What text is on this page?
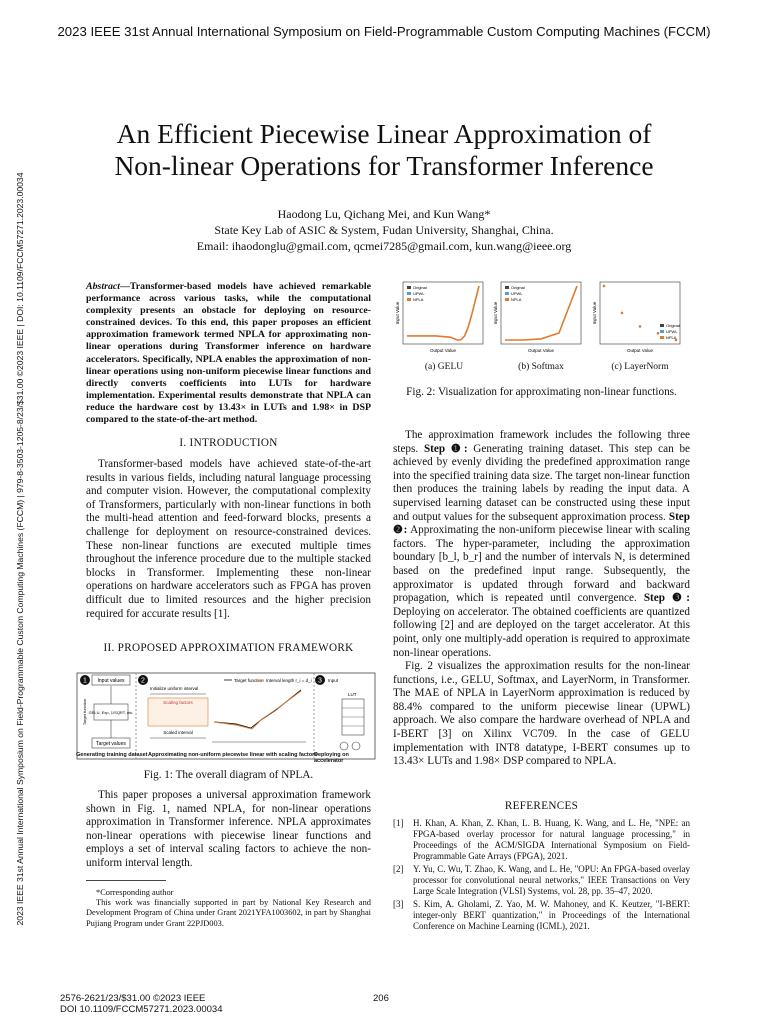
2023 IEEE 31st Annual International Symposium on Field-Programmable Custom Computing Machines (FCCM)
2023 IEEE 31st Annual International Symposium on Field-Programmable Custom Computing Machines (FCCM) | 979-8-3503-1205-8/23/$31.00 ©2023 IEEE | DOI: 10.1109/FCCM57271.2023.00034
An Efficient Piecewise Linear Approximation of
Non-linear Operations for Transformer Inference
Haodong Lu, Qichang Mei, and Kun Wang*
State Key Lab of ASIC & System, Fudan University, Shanghai, China.
Email: ihaodonglu@gmail.com, qcmei7285@gmail.com, kun.wang@ieee.org
Abstract—Transformer-based models have achieved remarkable performance across various tasks, while the computational complexity presents an obstacle for deploying on resource-constrained devices. To this end, this paper proposes an efficient approximation framework termed NPLA for approximating non-linear operations during Transformer inference on hardware accelerators. Specifically, NPLA enables the approximation of non-linear operations using non-uniform piecewise linear functions and directly converts coefficients into LUTs for hardware implementation. Experimental results demonstrate that NPLA can reduce the hardware cost by 13.43× in LUTs and 1.98× in DSP compared to the state-of-the-art method.
I. INTRODUCTION

Transformer-based models have achieved state-of-the-art results in various fields, including natural language processing and computer vision. However, the computational complexity of Transformers, particularly with non-linear functions in both the multi-head attention and feed-forward blocks, presents a challenge for deployment on resource-constrained devices. These non-linear functions are executed multiple times throughout the inference procedure due to the multiple stacked blocks in Transformer. Implementing these non-linear operations on hardware accelerators such as FPGA has proven difficult due to limited resources and the higher precision required for accurate results [1].

II. PROPOSED APPROXIMATION FRAMEWORK
1 Input values
GELU, Exp, 1/SQRT, etc.
Target function
Target values
2	Target function Interval length r_i = d_i
Initialize uniform interval
Scaling factors
Scaled interval
3 Input
LUT
Generating training dataset Approximating non-uniform piecewise linear with scaling factors
Deploying on accelerator
Fig. 1: The overall diagram of NPLA.

This paper proposes a universal approximation framework shown in Fig. 1, named NPLA, for non-linear operations approximation in Transformer inference. NPLA approximates non-linear operations with piecewise linear functions and employs a set of interval scaling factors to achieve the non-uniform interval length.

*Corresponding author
This work was financially supported in part by National Key Research and Development Program of China under Grant 2021YFA1003602, in part by Shanghai Pujiang Program under Grant 22PJD003.
2576-2621/23/$31.00 ©2023 IEEE
DOI 10.1109/FCCM57271.2023.00034
206
Original
UPWL
NPLA
Output Value
Input Value
Original
UPWL
NPLA
Output Value
Input Value
Original
UPWL
NPLA
Output Value
Input Value
(a) GELU	(b) Softmax	(c) LayerNorm
Fig. 2: Visualization for approximating non-linear functions.

The approximation framework includes the following three steps. Step ❶: Generating training dataset. This step can be achieved by evenly dividing the predefined approximation range into the specified training data size. The target non-linear function then produces the training labels by reading the input data. A supervised learning dataset can be constructed using these input and output values for the subsequent approximation process. Step ❷: Approximating the non-uniform piecewise linear with scaling factors. The hyper-parameter, including the approximation boundary [b_l, b_r] and the number of intervals N, is determined based on the predefined input range. Subsequently, the approximator is updated through forward and backward propagation, which is repeated until convergence. Step ❸: Deploying on accelerator. The obtained coefficients are quantized following [2] and are deployed on the target accelerator. At this point, only one multiply-add operation is required to approximate non-linear operations.

Fig. 2 visualizes the approximation results for the non-linear functions, i.e., GELU, Softmax, and LayerNorm, in Transformer. The MAE of NPLA in LayerNorm approximation is reduced by 88.4% compared to the uniform piecewise linear (UPWL) approach. We also compare the hardware overhead of NPLA and I-BERT [3] on Xilinx VC709. In the case of GELU implementation with INT8 datatype, I-BERT consumes up to 13.43× LUTs and 1.98× DSP compared to NPLA.

REFERENCES
[1] H. Khan, A. Khan, Z. Khan, L. B. Huang, K. Wang, and L. He, "NPE: an FPGA-based overlay processor for natural language processing," in Proceedings of the ACM/SIGDA International Symposium on Field-Programmable Gate Arrays (FPGA), 2021.
[2] Y. Yu, C. Wu, T. Zhao, K. Wang, and L. He, "OPU: An FPGA-based overlay processor for convolutional neural networks," IEEE Transactions on Very Large Scale Integration (VLSI) Systems, vol. 28, pp. 35–47, 2020.
[3] S. Kim, A. Gholami, Z. Yao, M. W. Mahoney, and K. Keutzer, "I-BERT: integer-only BERT quantization," in Proceedings of the International Conference on Machine Learning (ICML), 2021.
